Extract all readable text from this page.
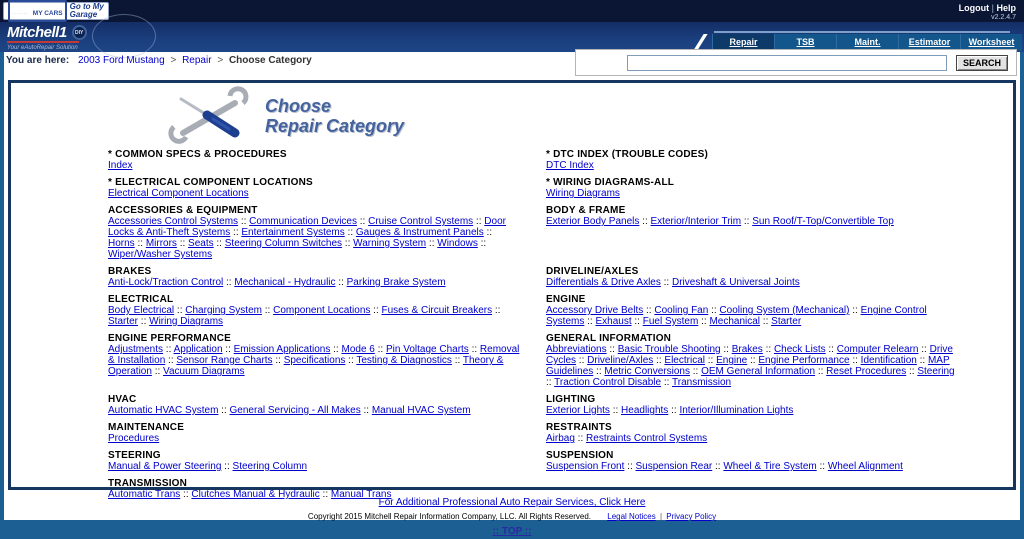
······· MY CARS
Go to My
Garage
Logout | Help
v2.2.4.7
Mitchell1	DIY
Your eAutoRepair Solution
Repair	TSB	Maint.	Estimator	Worksheet
You are here: 2003 Ford Mustang > Repair > Choose Category	SEARCH
Choose
Repair Category
* COMMON SPECS & PROCEDURES
Index
* DTC INDEX (TROUBLE CODES)
DTC Index
* ELECTRICAL COMPONENT LOCATIONS
Electrical Component Locations
* WIRING DIAGRAMS-ALL
Wiring Diagrams
ACCESSORIES & EQUIPMENT
Accessories Control Systems :: Communication Devices :: Cruise Control Systems :: Door Locks & Anti-Theft Systems :: Entertainment Systems :: Gauges & Instrument Panels :: Horns :: Mirrors :: Seats :: Steering Column Switches :: Warning System :: Windows :: Wiper/Washer Systems
BODY & FRAME
Exterior Body Panels :: Exterior/Interior Trim :: Sun Roof/T-Top/Convertible Top
BRAKES
Anti-Lock/Traction Control :: Mechanical - Hydraulic :: Parking Brake System
DRIVELINE/AXLES
Differentials & Drive Axles :: Driveshaft & Universal Joints
ELECTRICAL
Body Electrical :: Charging System :: Component Locations :: Fuses & Circuit Breakers :: Starter :: Wiring Diagrams
ENGINE
Accessory Drive Belts :: Cooling Fan :: Cooling System (Mechanical) :: Engine Control Systems :: Exhaust :: Fuel System :: Mechanical :: Starter
ENGINE PERFORMANCE
Adjustments :: Application :: Emission Applications :: Mode 6 :: Pin Voltage Charts :: Removal & Installation :: Sensor Range Charts :: Specifications :: Testing & Diagnostics :: Theory & Operation :: Vacuum Diagrams
GENERAL INFORMATION
Abbreviations :: Basic Trouble Shooting :: Brakes :: Check Lists :: Computer Relearn :: Drive Cycles :: Driveline/Axles :: Electrical :: Engine :: Engine Performance :: Identification :: MAP Guidelines :: Metric Conversions :: OEM General Information :: Reset Procedures :: Steering :: Traction Control Disable :: Transmission
HVAC
Automatic HVAC System :: General Servicing - All Makes :: Manual HVAC System
LIGHTING
Exterior Lights :: Headlights :: Interior/Illumination Lights
MAINTENANCE
Procedures
RESTRAINTS
Airbag :: Restraints Control Systems
STEERING
Manual & Power Steering :: Steering Column
SUSPENSION
Suspension Front :: Suspension Rear :: Wheel & Tire System :: Wheel Alignment
TRANSMISSION
Automatic Trans :: Clutches Manual & Hydraulic :: Manual Trans
For Additional Professional Auto Repair Services, Click Here
Copyright 2015 Mitchell Repair Information Company, LLC. All Rights Reserved. Legal Notices | Privacy Policy
:: TOP ::
